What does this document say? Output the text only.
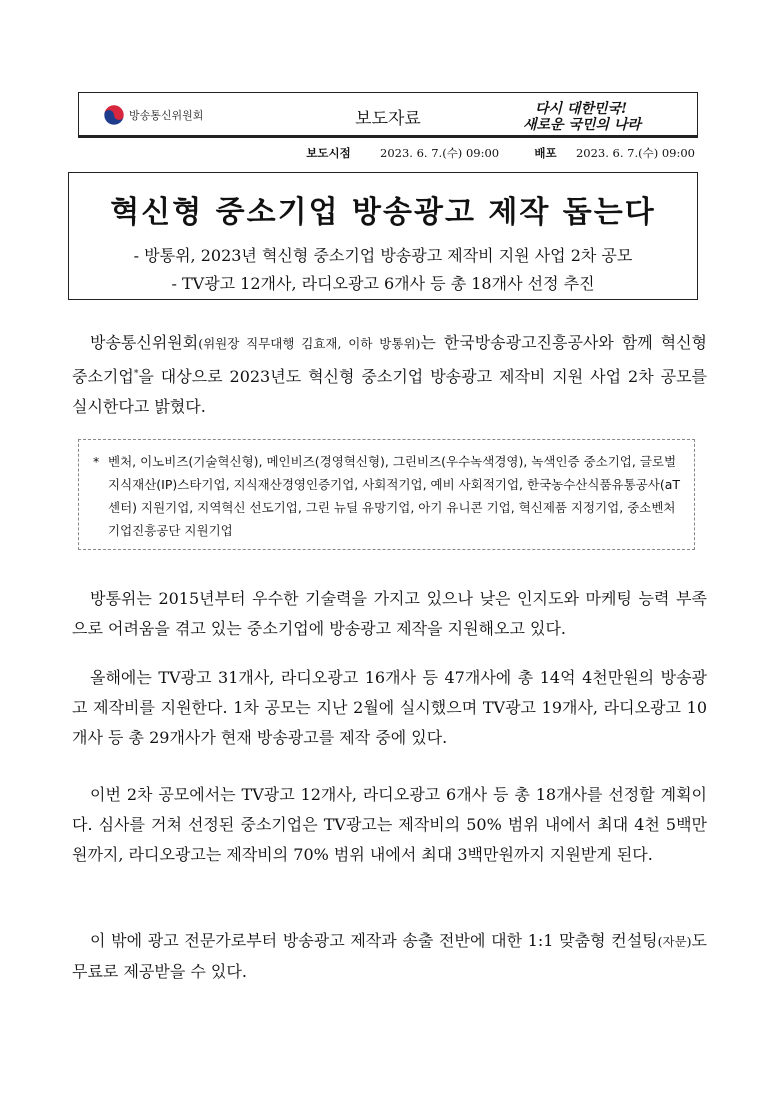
방송통신위원회	보도자료	다시 대한민국!
새로운 국민의 나라
보도시점	2023. 6. 7.(수) 09:00	배포 2023. 6. 7.(수) 09:00
혁신형 중소기업 방송광고 제작 돕는다
- 방통위, 2023년 혁신형 중소기업 방송광고 제작비 지원 사업 2차 공모
- TV광고 12개사, 라디오광고 6개사 등 총 18개사 선정 추진
방송통신위원회(위원장 직무대행 김효재, 이하 방통위)는 한국방송광고진흥공사와 함께 혁신형 중소기업*을 대상으로 2023년도 혁신형 중소기업 방송광고 제작비 지원 사업 2차 공모를 실시한다고 밝혔다.
* 벤처, 이노비즈(기술혁신형), 메인비즈(경영혁신형), 그린비즈(우수녹색경영), 녹색인증 중소기업, 글로벌지식재산(IP)스타기업, 지식재산경영인증기업, 사회적기업, 예비 사회적기업, 한국농수산식품유통공사(aT센터) 지원기업, 지역혁신 선도기업, 그린 뉴딜 유망기업, 아기 유니콘 기업, 혁신제품 지정기업, 중소벤처기업진흥공단 지원기업
방통위는 2015년부터 우수한 기술력을 가지고 있으나 낮은 인지도와 마케팅 능력 부족으로 어려움을 겪고 있는 중소기업에 방송광고 제작을 지원해오고 있다.
올해에는 TV광고 31개사, 라디오광고 16개사 등 47개사에 총 14억 4천만원의 방송광고 제작비를 지원한다. 1차 공모는 지난 2월에 실시했으며 TV광고 19개사, 라디오광고 10개사 등 총 29개사가 현재 방송광고를 제작 중에 있다.
이번 2차 공모에서는 TV광고 12개사, 라디오광고 6개사 등 총 18개사를 선정할 계획이다. 심사를 거쳐 선정된 중소기업은 TV광고는 제작비의 50% 범위 내에서 최대 4천 5백만원까지, 라디오광고는 제작비의 70% 범위 내에서 최대 3백만원까지 지원받게 된다.
이 밖에 광고 전문가로부터 방송광고 제작과 송출 전반에 대한 1:1 맞춤형 컨설팅(자문)도 무료로 제공받을 수 있다.
